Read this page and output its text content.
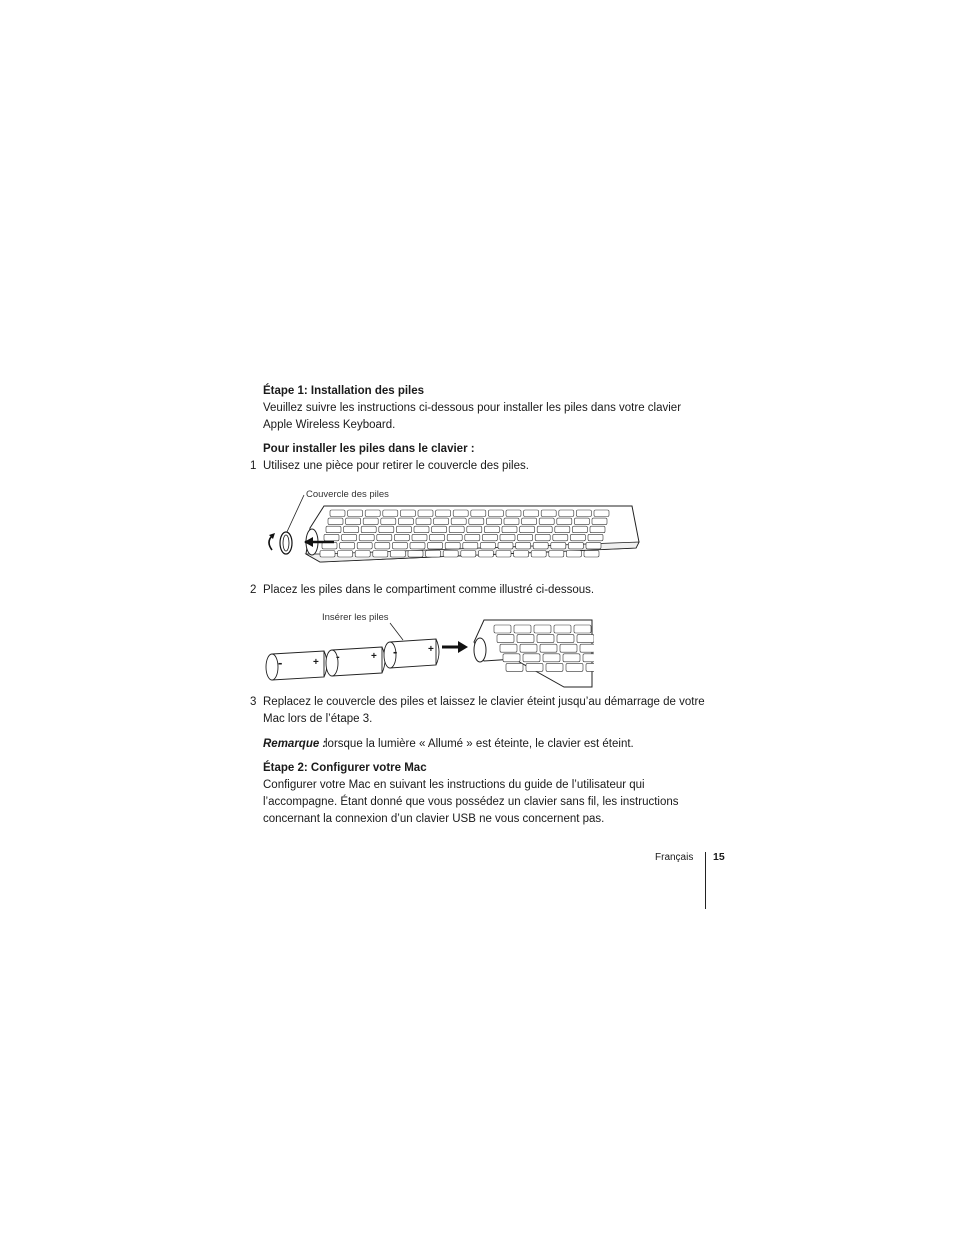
Étape 1: Installation des piles
Veuillez suivre les instructions ci-dessous pour installer les piles dans votre clavier
Apple Wireless Keyboard.
Pour installer les piles dans le clavier :
1 Utilisez une pièce pour retirer le couvercle des piles.
Couvercle des piles
2 Placez les piles dans le compartiment comme illustré ci-dessous.
Insérer les piles
-	+ -	+ -	+
3 Replacez le couvercle des piles et laissez le clavier éteint jusqu’au démarrage de votre
Mac lors de l’étape 3.
Remarque :
lorsque la lumière « Allumé » est éteinte, le clavier est éteint.
Étape 2: Configurer votre Mac
Configurer votre Mac en suivant les instructions du guide de l’utilisateur qui
l’accompagne. Étant donné que vous possédez un clavier sans fil, les instructions
concernant la connexion d’un clavier USB ne vous concernent pas.
Français 15
